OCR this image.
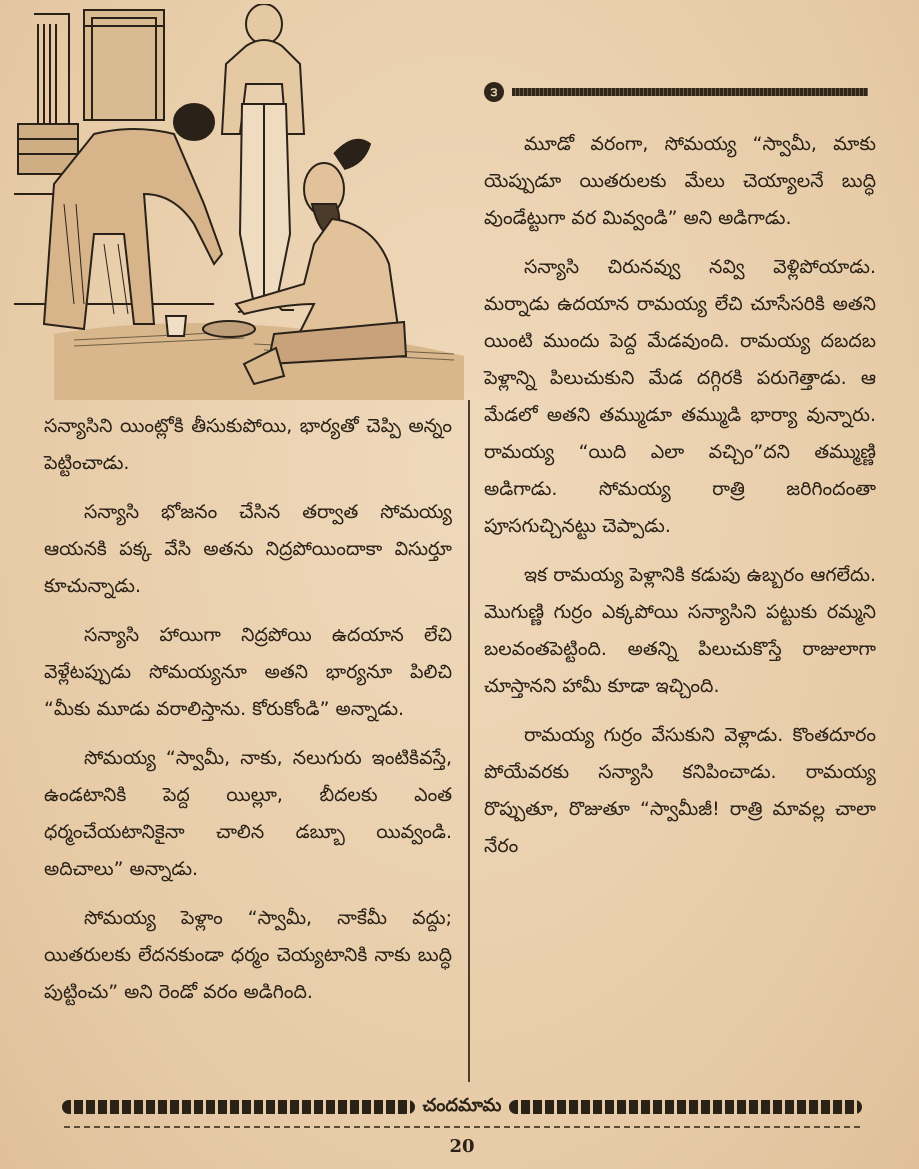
సన్యాసిని యింట్లోకి తీసుకుపోయి, భార్యతో చెప్పి అన్నం పెట్టించాడు.

సన్యాసి భోజనం చేసిన తర్వాత సోమయ్య ఆయనకి పక్క వేసి అతను నిద్రపోయిందాకా విసుర్తూ కూచున్నాడు.

సన్యాసి హాయిగా నిద్రపోయి ఉదయాన లేచి వెళ్లేటప్పుడు సోమయ్యనూ అతని భార్యనూ పిలిచి “మీకు మూడు వరాలిస్తాను. కోరుకోండి” అన్నాడు.

సోమయ్య “స్వామీ, నాకు, నలుగురు ఇంటికివస్తే, ఉండటానికి పెద్ద యిల్లూ, బీదలకు ఎంత ధర్మంచేయటానికైనా చాలిన డబ్బూ యివ్వండి. అదిచాలు” అన్నాడు.

సోమయ్య పెళ్లాం “స్వామీ, నాకేమీ వద్దు; యితరులకు లేదనకుండా ధర్మం చెయ్యటానికి నాకు బుద్ధి పుట్టించు” అని రెండో వరం అడిగింది.

౩

మూడో వరంగా, సోమయ్య “స్వామీ, మాకు యెప్పుడూ యితరులకు మేలు చెయ్యాలనే బుద్ధి వుండేట్టుగా వర మివ్వండి” అని అడిగాడు.

సన్యాసి చిరునవ్వు నవ్వి వెళ్లిపోయాడు. మర్నాడు ఉదయాన రామయ్య లేచి చూసేసరికి అతని యింటి ముందు పెద్ద మేడవుంది. రామయ్య దబదబ పెళ్లాన్ని పిలుచుకుని మేడ దగ్గిరకి పరుగెత్తాడు. ఆ మేడలో అతని తమ్ముడూ తమ్ముడి భార్యా వున్నారు. రామయ్య “యిది ఎలా వచ్చిం”దని తమ్ముణ్ణి అడిగాడు. సోమయ్య రాత్రి జరిగిందంతా పూసగుచ్చినట్టు చెప్పాడు.

ఇక రామయ్య పెళ్లానికి కడుపు ఉబ్బరం ఆగలేదు. మొగుణ్ణి గుర్రం ఎక్కపోయి సన్యాసిని పట్టుకు రమ్మని బలవంతపెట్టింది. అతన్ని పిలుచుకొస్తే రాజులాగా చూస్తానని హామీ కూడా ఇచ్చింది.

రామయ్య గుర్రం వేసుకుని వెళ్లాడు. కొంతదూరం పోయేవరకు సన్యాసి కనిపించాడు. రామయ్య రొప్పుతూ, రొజుతూ “స్వామీజీ! రాత్రి మావల్ల చాలా నేరం

చందమామ
20
